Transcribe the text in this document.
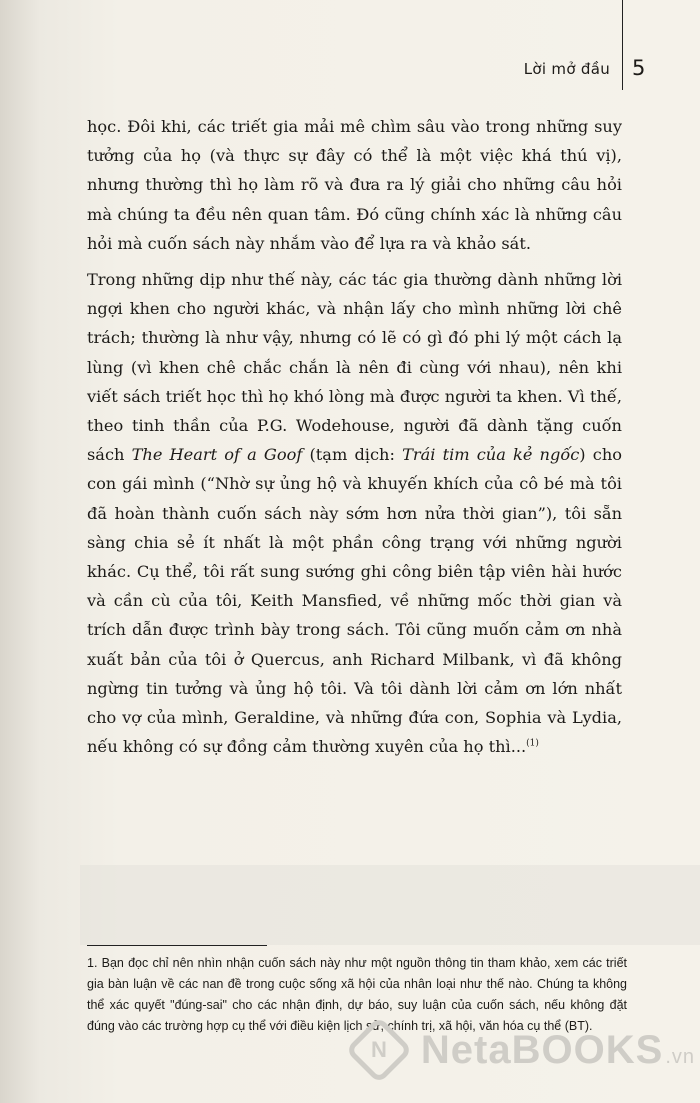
Lời mở đầu 5

học. Đôi khi, các triết gia mải mê chìm sâu vào trong những suy tưởng của họ (và thực sự đây có thể là một việc khá thú vị), nhưng thường thì họ làm rõ và đưa ra lý giải cho những câu hỏi mà chúng ta đều nên quan tâm. Đó cũng chính xác là những câu hỏi mà cuốn sách này nhắm vào để lựa ra và khảo sát.

Trong những dịp như thế này, các tác gia thường dành những lời ngợi khen cho người khác, và nhận lấy cho mình những lời chê trách; thường là như vậy, nhưng có lẽ có gì đó phi lý một cách lạ lùng (vì khen chê chắc chắn là nên đi cùng với nhau), nên khi viết sách triết học thì họ khó lòng mà được người ta khen. Vì thế, theo tinh thần của P.G. Wodehouse, người đã dành tặng cuốn sách The Heart of a Goof (tạm dịch: Trái tim của kẻ ngốc) cho con gái mình (“Nhờ sự ủng hộ và khuyến khích của cô bé mà tôi đã hoàn thành cuốn sách này sớm hơn nửa thời gian”), tôi sẵn sàng chia sẻ ít nhất là một phần công trạng với những người khác. Cụ thể, tôi rất sung sướng ghi công biên tập viên hài hước và cần cù của tôi, Keith Mansfied, về những mốc thời gian và trích dẫn được trình bày trong sách. Tôi cũng muốn cảm ơn nhà xuất bản của tôi ở Quercus, anh Richard Milbank, vì đã không ngừng tin tưởng và ủng hộ tôi. Và tôi dành lời cảm ơn lớn nhất cho vợ của mình, Geraldine, và những đứa con, Sophia và Lydia, nếu không có sự đồng cảm thường xuyên của họ thì...$^{(1)}$

1. Bạn đọc chỉ nên nhìn nhận cuốn sách này như một nguồn thông tin tham khảo, xem các triết gia bàn luận về các nan đề trong cuộc sống xã hội của nhân loại như thế nào. Chúng ta không thể xác quyết "đúng-sai" cho các nhận định, dự báo, suy luận của cuốn sách, nếu không đặt đúng vào các trường hợp cụ thể với điều kiện lịch sử, chính trị, xã hội, văn hóa cụ thể (BT).

N NetaBOOKS .vn
